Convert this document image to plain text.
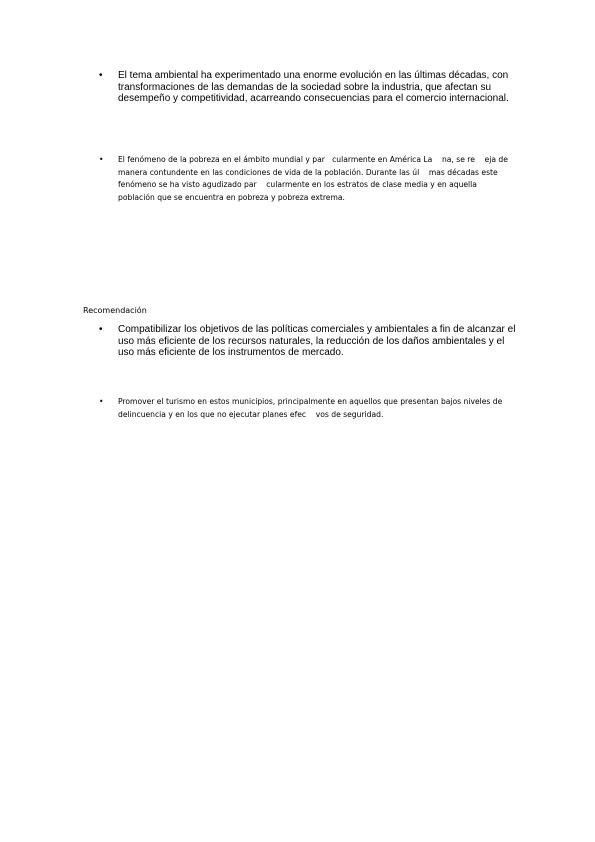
• El tema ambiental ha experimentado una enorme evolución en las últimas décadas, con transformaciones de las demandas de la sociedad sobre la industria, que afectan su desempeño y competitividad, acarreando consecuencias para el comercio internacional.

• El fenómeno de la pobreza en el ámbito mundial y par   cularmente en América La    na, se re    eja de manera contundente en las condiciones de vida de la población. Durante las úl    mas décadas este fenómeno se ha visto agudizado par    cularmente en los estratos de clase media y en aquella población que se encuentra en pobreza y pobreza extrema.

Recomendación

• Compatibilizar los objetivos de las políticas comerciales y ambientales a fin de alcanzar el uso más eficiente de los recursos naturales, la reducción de los daños ambientales y el uso más eficiente de los instrumentos de mercado.

• Promover el turismo en estos municipios, principalmente en aquellos que presentan bajos niveles de delincuencia y en los que no ejecutar planes efec    vos de seguridad.
